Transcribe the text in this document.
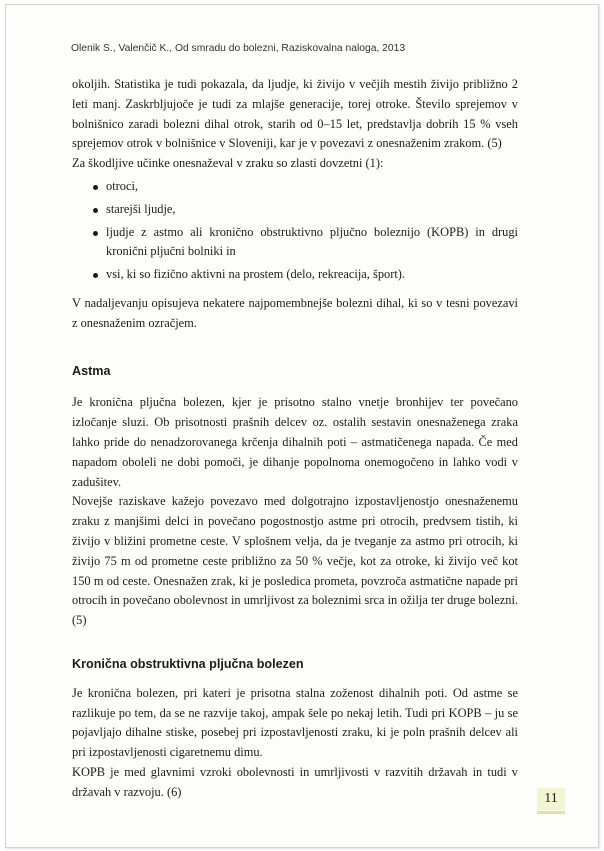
Olenik S., Valenčič K., Od smradu do bolezni, Raziskovalna naloga, 2013

okoljih. Statistika je tudi pokazala, da ljudje, ki živijo v večjih mestih živijo približno 2 leti manj. Zaskrbljujoče je tudi za mlajše generacije, torej otroke. Število sprejemov v bolnišnico zaradi bolezni dihal otrok, starih od 0–15 let, predstavlja dobrih 15 % vseh sprejemov otrok v bolnišnice v Sloveniji, kar je v povezavi z onesnaženim zrakom. (5)

Za škodljive učinke onesnaževal v zraku so zlasti dovzetni (1):

otroci,
starejši ljudje,
ljudje z astmo ali kronično obstruktivno pljučno boleznijo (KOPB) in drugi kronični pljučni bolniki in
vsi, ki so fizično aktivni na prostem (delo, rekreacija, šport).

V nadaljevanju opisujeva nekatere najpomembnejše bolezni dihal, ki so v tesni povezavi z onesnaženim ozračjem.

Astma

Je kronična pljučna bolezen, kjer je prisotno stalno vnetje bronhijev ter povečano izločanje sluzi. Ob prisotnosti prašnih delcev oz. ostalih sestavin onesnaženega zraka lahko pride do nenadzorovanega krčenja dihalnih poti – astmatičenega napada. Če med napadom oboleli ne dobi pomoči, je dihanje popolnoma onemogočeno in lahko vodi v zadušitev.

Novejše raziskave kažejo povezavo med dolgotrajno izpostavljenostjo onesnaženemu zraku z manjšimi delci in povečano pogostnostjo astme pri otrocih, predvsem tistih, ki živijo v bližini prometne ceste. V splošnem velja, da je tveganje za astmo pri otrocih, ki živijo 75 m od prometne ceste približno za 50 % večje, kot za otroke, ki živijo več kot 150 m od ceste. Onesnažen zrak, ki je posledica prometa, povzroča astmatične napade pri otrocih in povečano obolevnost in umrljivost za boleznimi srca in ožilja ter druge bolezni. (5)

Kronična obstruktivna pljučna bolezen

Je kronična bolezen, pri kateri je prisotna stalna zoženost dihalnih poti. Od astme se razlikuje po tem, da se ne razvije takoj, ampak šele po nekaj letih. Tudi pri KOPB – ju se pojavljajo dihalne stiske, posebej pri izpostavljenosti zraku, ki je poln prašnih delcev ali pri izpostavljenosti cigaretnemu dimu.

KOPB je med glavnimi vzroki obolevnosti in umrljivosti v razvitih državah in tudi v državah v razvoju. (6)	11
